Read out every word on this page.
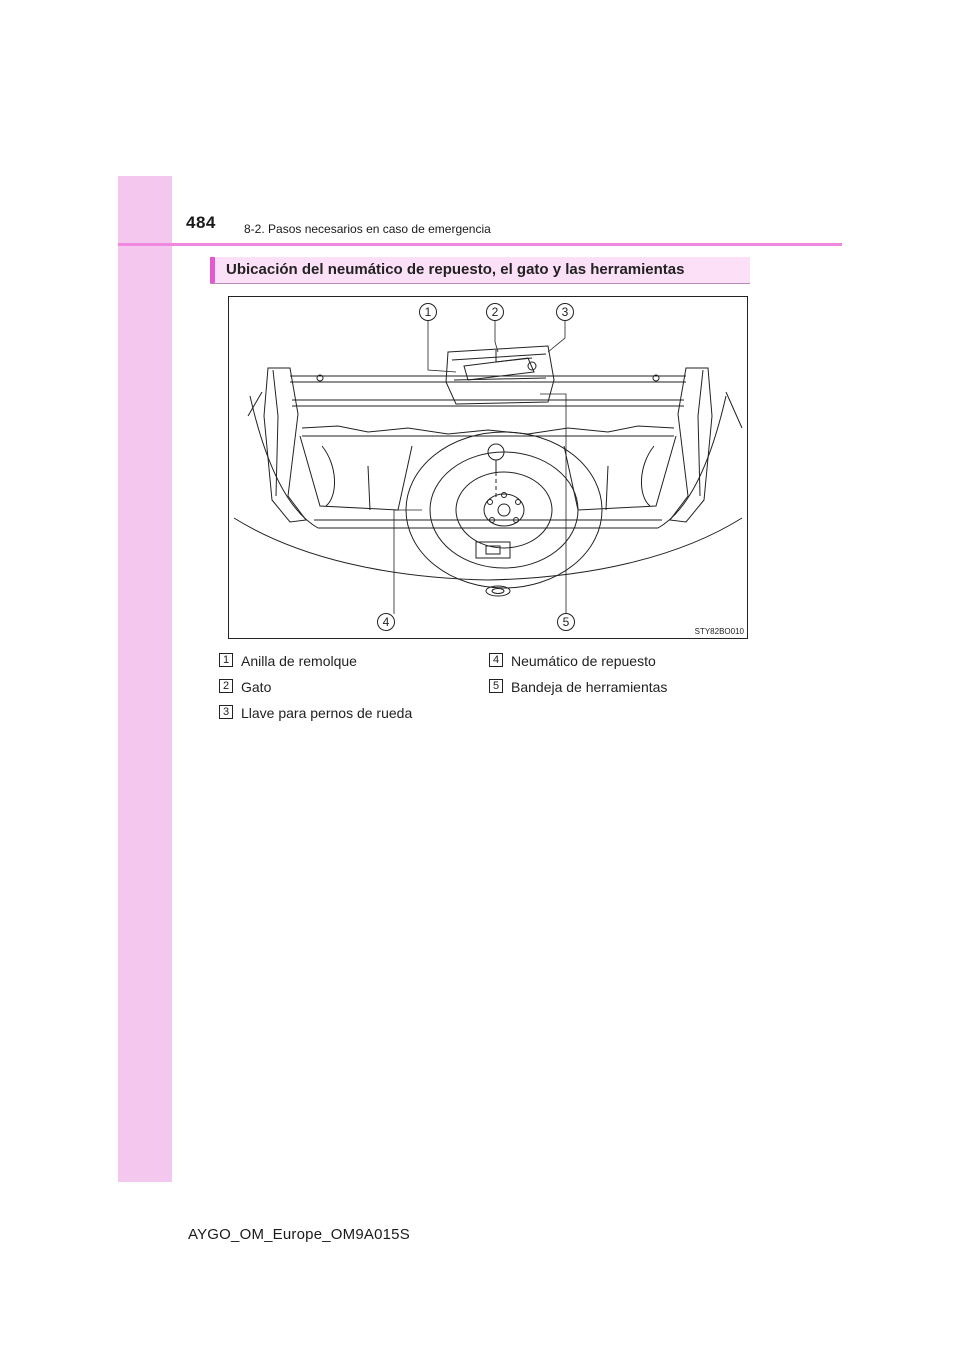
484 8-2. Pasos necesarios en caso de emergencia
Ubicación del neumático de repuesto, el gato y las herramientas
1	2	3
4	5
STY82BO010
1 Anilla de remolque
2 Gato
3 Llave para pernos de rueda
4 Neumático de repuesto
5 Bandeja de herramientas
AYGO_OM_Europe_OM9A015S
